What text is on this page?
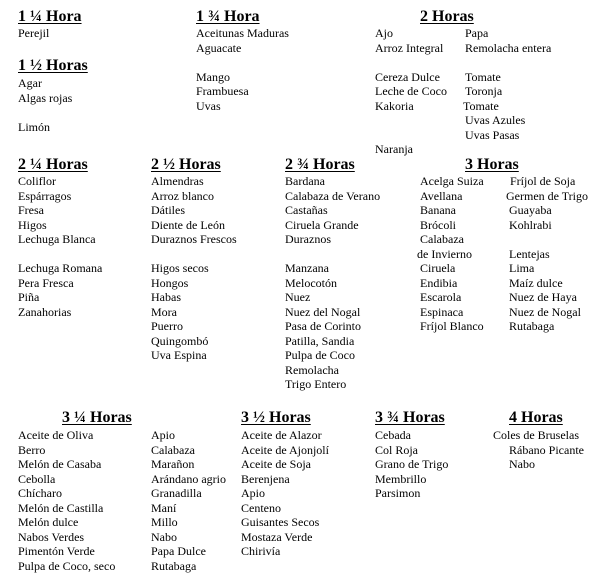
1 ¼ Hora
Perejil
1 ¾ Hora
Aceitunas Maduras
Aguacate
Mango
Frambuesa
Uvas
2 Horas
Ajo
Arroz Integral
Cereza Dulce
Leche de Coco
Kakoria
Naranja
Papa
Remolacha entera
Tomate
Toronja
Tomate
Uvas Azules
Uvas Pasas
1 ½ Horas
Agar
Algas rojas
Limón
2 ¼ Horas
Coliflor
Espárragos
Fresa
Higos
Lechuga Blanca
Lechuga Romana
Pera Fresca
Piña
Zanahorias
2 ½ Horas
Almendras
Arroz blanco
Dátiles
Diente de León
Duraznos Frescos
Higos secos
Hongos
Habas
Mora
Puerro
Quingombó
Uva Espina
2 ¾ Horas
Bardana
Calabaza de Verano
Castañas
Ciruela Grande
Duraznos
Manzana
Melocotón
Nuez
Nuez del Nogal
Pasa de Corinto
Patilla, Sandia
Pulpa de Coco
Remolacha
Trigo Entero
3 Horas
Acelga Suiza
Avellana
Banana
Brócoli
Calabaza
de Invierno
Ciruela
Endibia
Escarola
Espinaca
Fríjol Blanco
Fríjol de Soja
Germen de Trigo
Guayaba
Kohlrabi
Lentejas
Lima
Maíz dulce
Nuez de Haya
Nuez de Nogal
Rutabaga
3 ¼ Horas
Aceite de Oliva
Berro
Melón de Casaba
Cebolla
Chícharo
Melón de Castilla
Melón dulce
Nabos Verdes
Pimentón Verde
Pulpa de Coco, seco
Apio
Calabaza
Marañon
Arándano agrio
Granadilla
Maní
Millo
Nabo
Papa Dulce
Rutabaga
3 ½ Horas
Aceite de Alazor
Aceite de Ajonjolí
Aceite de Soja
Berenjena
Apio
Centeno
Guisantes Secos
Mostaza Verde
Chirivía
3 ¾ Horas
Cebada
Col Roja
Grano de Trigo
Membrillo
Parsimon
4 Horas
Coles de Bruselas
Rábano Picante
Nabo
